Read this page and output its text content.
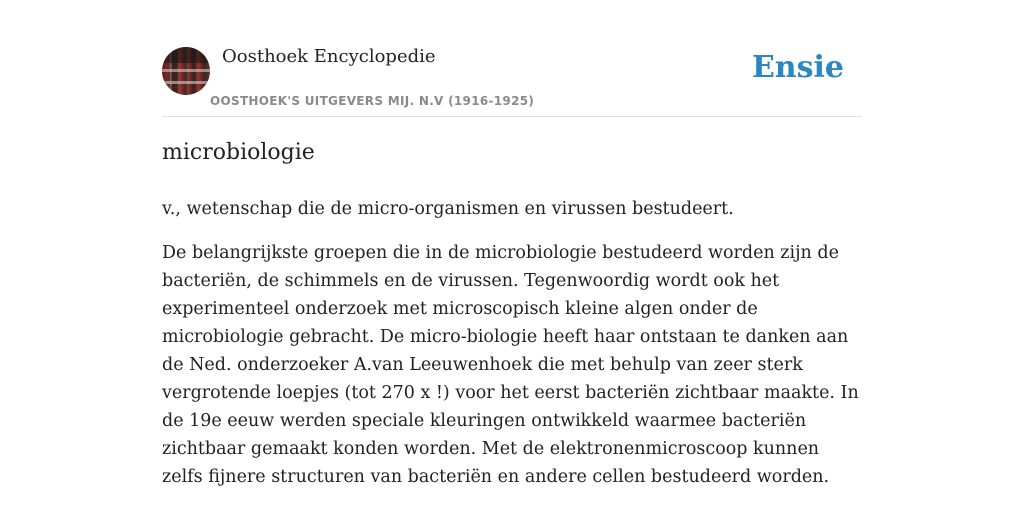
Oosthoek Encyclopedie
OOSTHOEK'S UITGEVERS MIJ. N.V (1916-1925)
Ensie
microbiologie

v., wetenschap die de micro-organismen en virussen bestudeert.

De belangrijkste groepen die in de microbiologie bestudeerd worden zijn de bacteriën, de schimmels en de virussen. Tegenwoordig wordt ook het experimenteel onderzoek met microscopisch kleine algen onder de microbiologie gebracht. De micro-biologie heeft haar ontstaan te danken aan de Ned. onderzoeker A.van Leeuwenhoek die met behulp van zeer sterk vergrotende loepjes (tot 270 x !) voor het eerst bacteriën zichtbaar maakte. In de 19e eeuw werden speciale kleuringen ontwikkeld waarmee bacteriën zichtbaar gemaakt konden worden. Met de elektronenmicroscoop kunnen zelfs fijnere structuren van bacteriën en andere cellen bestudeerd worden.
